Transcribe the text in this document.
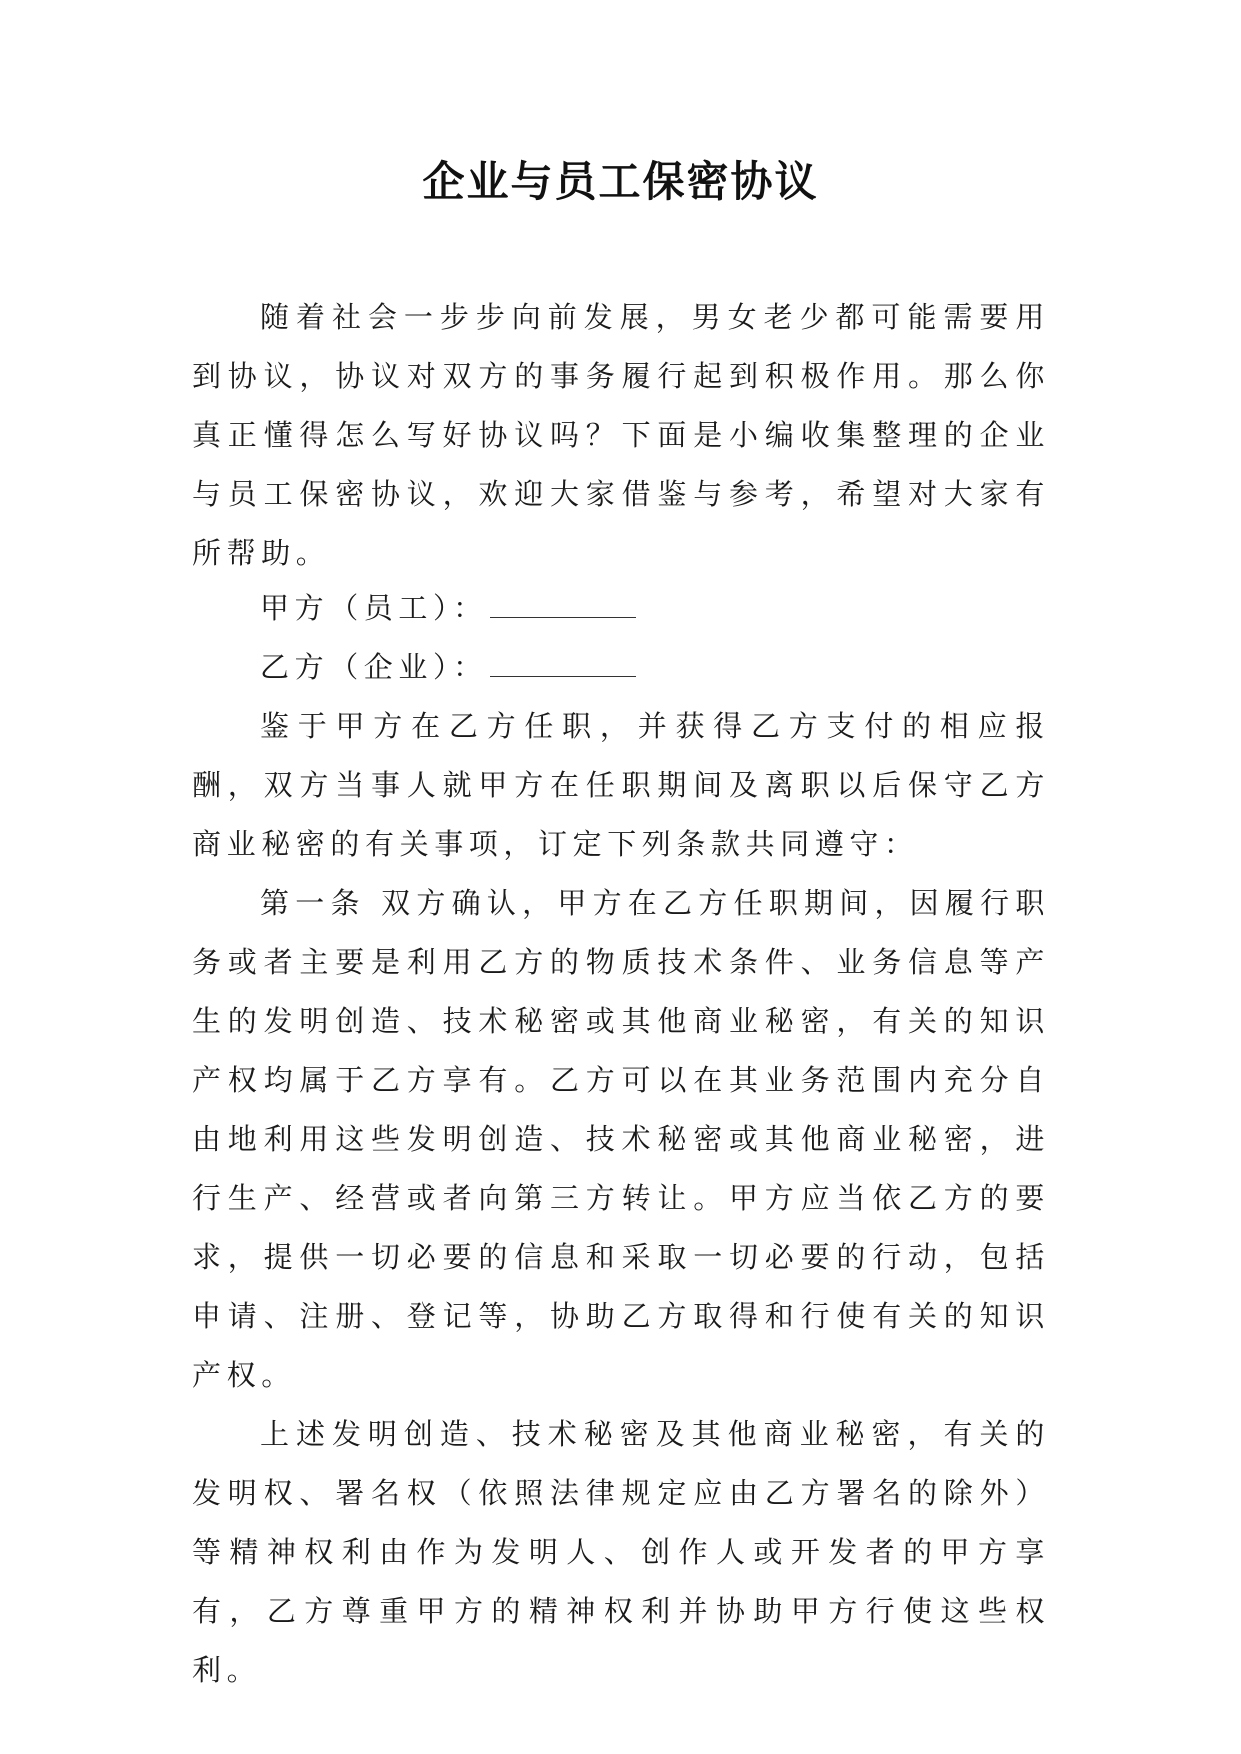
企业与员工保密协议

随着社会一步步向前发展，男女老少都可能需要用到协议，协议对双方的事务履行起到积极作用。那么你真正懂得怎么写好协议吗？下面是小编收集整理的企业与员工保密协议，欢迎大家借鉴与参考，希望对大家有所帮助。

甲方（员工）：

乙方（企业）：

鉴于甲方在乙方任职，并获得乙方支付的相应报酬，双方当事人就甲方在任职期间及离职以后保守乙方商业秘密的有关事项，订定下列条款共同遵守：

第一条 双方确认，甲方在乙方任职期间，因履行职务或者主要是利用乙方的物质技术条件、业务信息等产生的发明创造、技术秘密或其他商业秘密，有关的知识产权均属于乙方享有。乙方可以在其业务范围内充分自由地利用这些发明创造、技术秘密或其他商业秘密，进行生产、经营或者向第三方转让。甲方应当依乙方的要求，提供一切必要的信息和采取一切必要的行动，包括申请、注册、登记等，协助乙方取得和行使有关的知识产权。

上述发明创造、技术秘密及其他商业秘密，有关的发明权、署名权（依照法律规定应由乙方署名的除外）等精神权利由作为发明人、创作人或开发者的甲方享有，乙方尊重甲方的精神权利并协助甲方行使这些权利。
